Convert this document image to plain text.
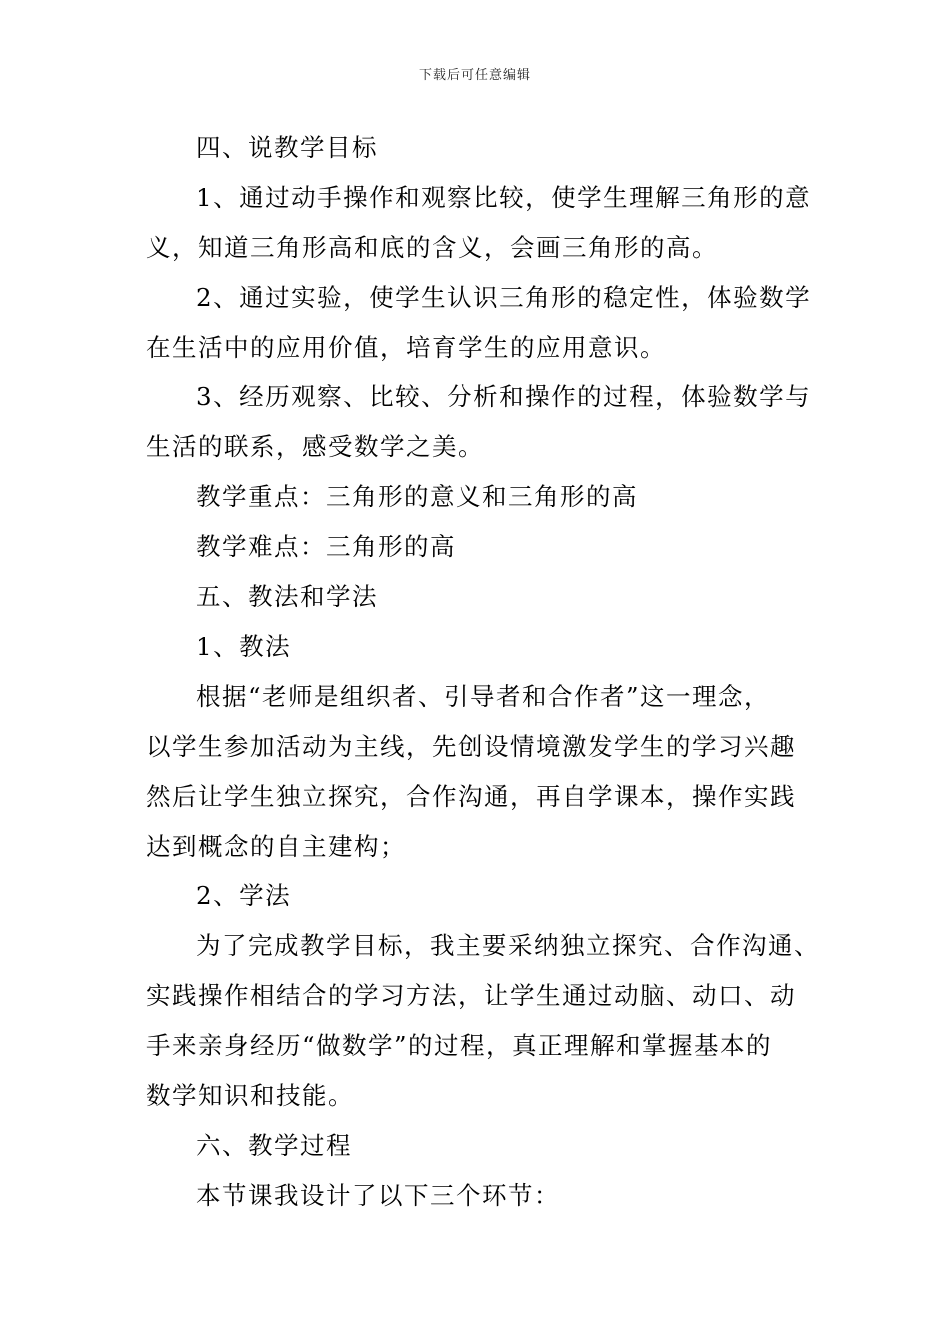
下载后可任意编辑
四、说教学目标
1、通过动手操作和观察比较，使学生理解三角形的意
义，知道三角形高和底的含义，会画三角形的高。
2、通过实验，使学生认识三角形的稳定性，体验数学
在生活中的应用价值，培育学生的应用意识。
3、经历观察、比较、分析和操作的过程，体验数学与
生活的联系，感受数学之美。
教学重点：三角形的意义和三角形的高
教学难点：三角形的高
五、教法和学法
1、教法
根据“老师是组织者、引导者和合作者”这一理念，
以学生参加活动为主线，先创设情境激发学生的学习兴趣
然后让学生独立探究，合作沟通，再自学课本，操作实践
达到概念的自主建构；
2、学法
为了完成教学目标，我主要采纳独立探究、合作沟通、
实践操作相结合的学习方法，让学生通过动脑、动口、动
手来亲身经历“做数学”的过程，真正理解和掌握基本的
数学知识和技能。
六、教学过程
本节课我设计了以下三个环节：
